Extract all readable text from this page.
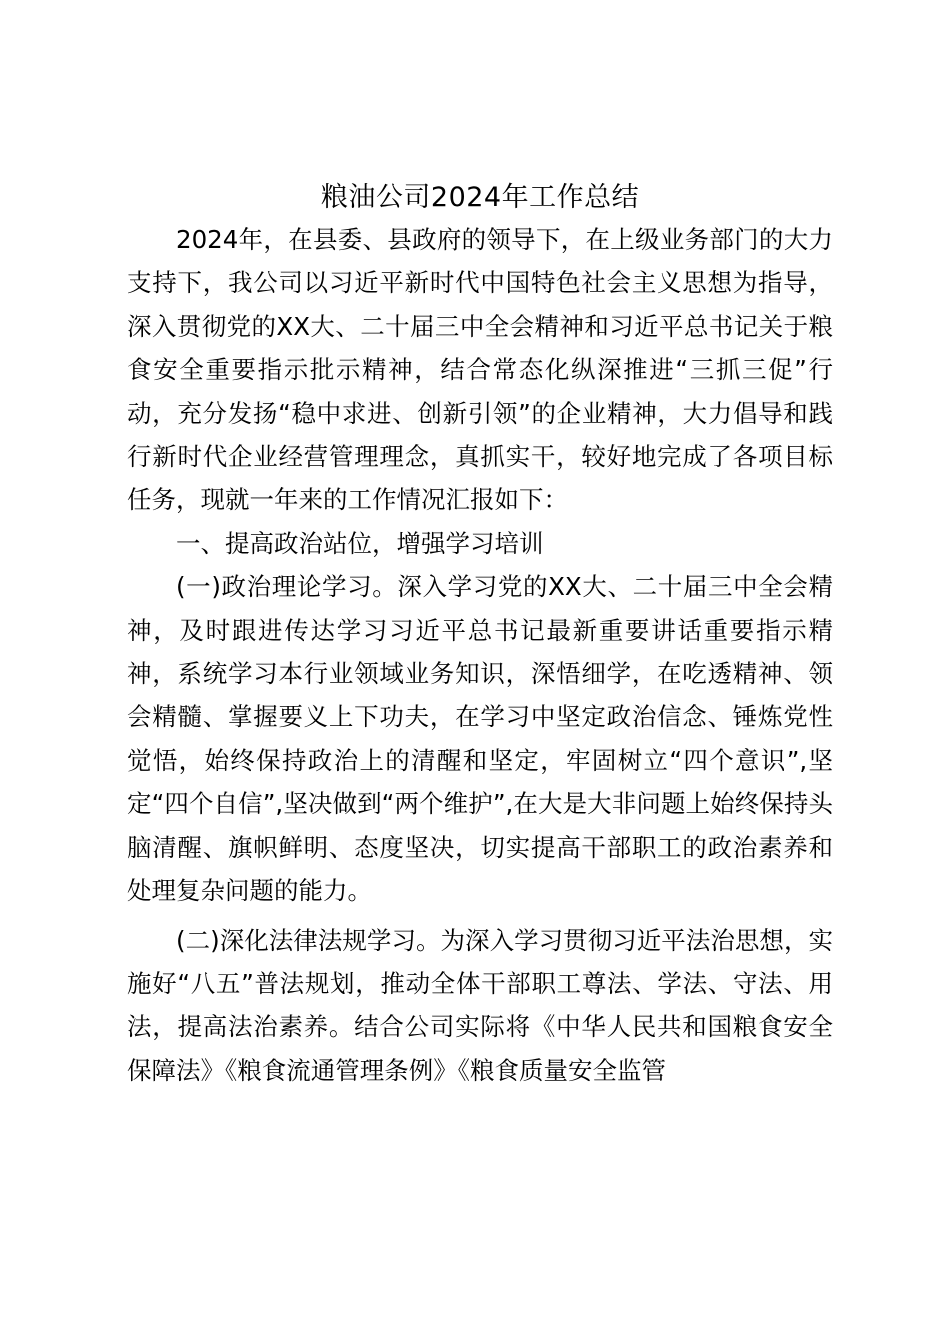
粮油公司2024年工作总结

2024年，在县委、县政府的领导下，在上级业务部门的大力支持下，我公司以习近平新时代中国特色社会主义思想为指导，深入贯彻党的XX大、二十届三中全会精神和习近平总书记关于粮食安全重要指示批示精神，结合常态化纵深推进“三抓三促”行动，充分发扬“稳中求进、创新引领”的企业精神，大力倡导和践行新时代企业经营管理理念，真抓实干，较好地完成了各项目标任务，现就一年来的工作情况汇报如下：

一、提高政治站位，增强学习培训

(一)政治理论学习。深入学习党的XX大、二十届三中全会精神，及时跟进传达学习习近平总书记最新重要讲话重要指示精神，系统学习本行业领域业务知识，深悟细学，在吃透精神、领会精髓、掌握要义上下功夫，在学习中坚定政治信念、锤炼党性觉悟，始终保持政治上的清醒和坚定，牢固树立“四个意识”,坚定“四个自信”,坚决做到“两个维护”,在大是大非问题上始终保持头脑清醒、旗帜鲜明、态度坚决，切实提高干部职工的政治素养和处理复杂问题的能力。

(二)深化法律法规学习。为深入学习贯彻习近平法治思想，实施好“八五”普法规划，推动全体干部职工尊法、学法、守法、用法，提高法治素养。结合公司实际将《中华人民共和国粮食安全保障法》《粮食流通管理条例》《粮食质量安全监管
